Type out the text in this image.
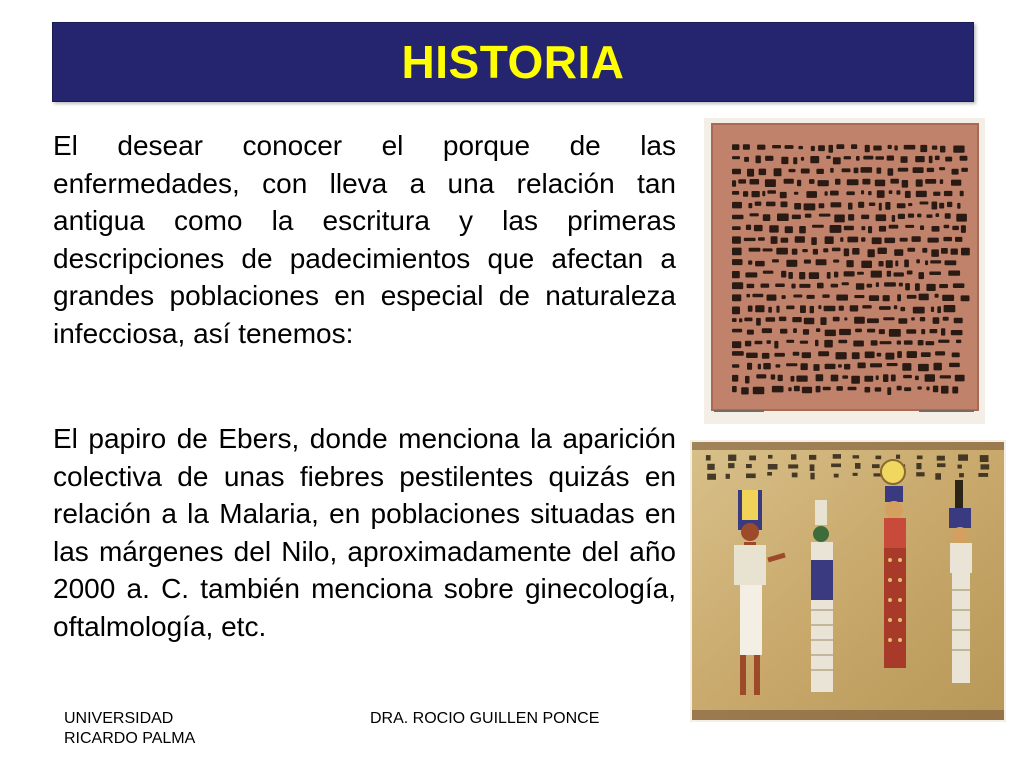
HISTORIA

El desear conocer el porque de las enfermedades, con lleva a una relación tan antigua como la escritura y las primeras descripciones de padecimientos que afectan a grandes poblaciones en especial de naturaleza infecciosa, así tenemos:

El papiro de Ebers, donde menciona la aparición colectiva de unas fiebres pestilentes quizás en relación a la Malaria, en poblaciones situadas en las márgenes del Nilo, aproximadamente del año 2000 a. C. también menciona sobre ginecología, oftalmología, etc.

UNIVERSIDAD
RICARDO PALMA

DRA. ROCIO GUILLEN PONCE
